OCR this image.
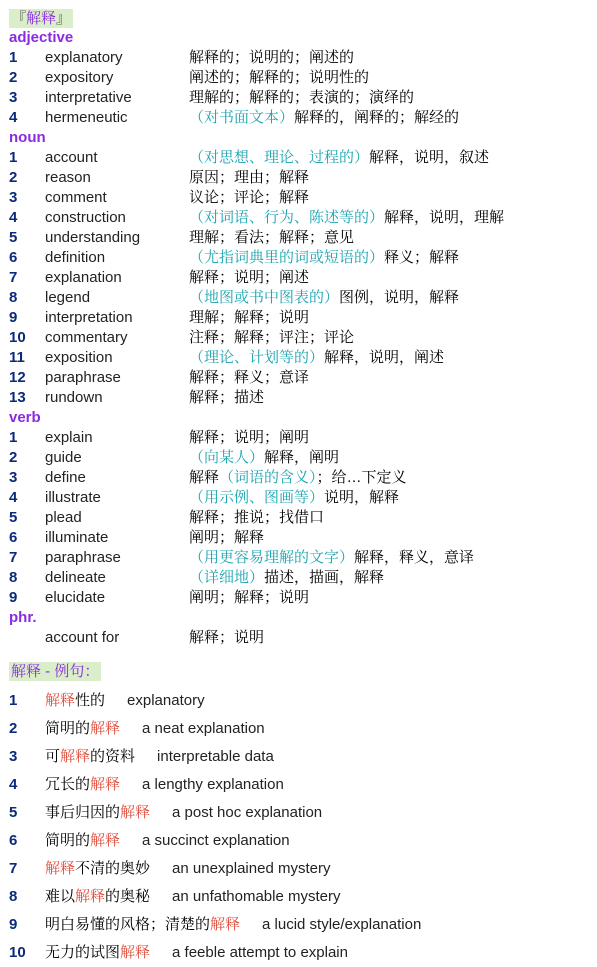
『解释』
adjective
1 explanatory	解释的；说明的；阐述的
2 expository	阐述的；解释的；说明性的
3 interpretative	理解的；解释的；表演的；演绎的
4 hermeneutic	（对书面文本）解释的，阐释的；解经的
noun
1 account	（对思想、理论、过程的）解释，说明，叙述
2 reason	原因；理由；解释
3 comment	议论；评论；解释
4 construction	（对词语、行为、陈述等的）解释，说明，理解
5 understanding	理解；看法；解释；意见
6 definition	（尤指词典里的词或短语的）释义；解释
7 explanation	解释；说明；阐述
8 legend	（地图或书中图表的）图例，说明，解释
9 interpretation	理解；解释；说明
10 commentary	注释；解释；评注；评论
11 exposition	（理论、计划等的）解释，说明，阐述
12 paraphrase	解释；释义；意译
13 rundown	解释；描述
verb
1 explain	解释；说明；阐明
2 guide	（向某人）解释，阐明
3 define	解释（词语的含义）；给…下定义
4 illustrate	（用示例、图画等）说明，解释
5 plead	解释；推说；找借口
6 illuminate	阐明；解释
7 paraphrase	（用更容易理解的文字）解释，释义，意译
8 delineate	（详细地）描述，描画，解释
9 elucidate	阐明；解释；说明
phr.
account for	解释；说明
解释 - 例句：
1 解释性的 explanatory
2 简明的解释 a neat explanation
3 可解释的资料 interpretable data
4 冗长的解释 a lengthy explanation
5 事后归因的解释 a post hoc explanation
6 简明的解释 a succinct explanation
7 解释不清的奥妙 an unexplained mystery
8 难以解释的奥秘 an unfathomable mystery
9 明白易懂的风格；清楚的解释 a lucid style/explanation
10 无力的试图解释 a feeble attempt to explain
